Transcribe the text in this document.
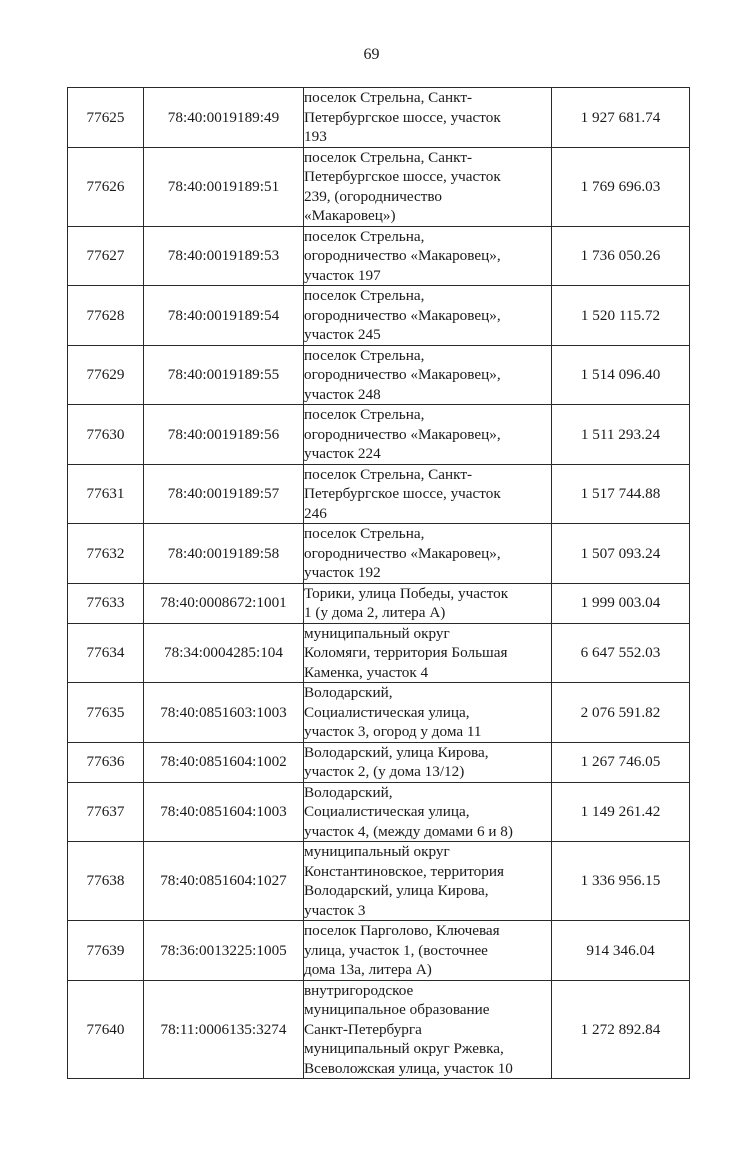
69
77625	78:40:0019189:49	поселок Стрельна, Санкт-
Петербургское шоссе, участок
193	1 927 681.74
77626	78:40:0019189:51	поселок Стрельна, Санкт-
Петербургское шоссе, участок
239, (огородничество
«Макаровец»)	1 769 696.03
77627	78:40:0019189:53	поселок Стрельна,
огородничество «Макаровец»,
участок 197	1 736 050.26
77628	78:40:0019189:54	поселок Стрельна,
огородничество «Макаровец»,
участок 245	1 520 115.72
77629	78:40:0019189:55	поселок Стрельна,
огородничество «Макаровец»,
участок 248	1 514 096.40
77630	78:40:0019189:56	поселок Стрельна,
огородничество «Макаровец»,
участок 224	1 511 293.24
77631	78:40:0019189:57	поселок Стрельна, Санкт-
Петербургское шоссе, участок
246	1 517 744.88
77632	78:40:0019189:58	поселок Стрельна,
огородничество «Макаровец»,
участок 192	1 507 093.24
77633	78:40:0008672:1001	Торики, улица Победы, участок
1 (у дома 2, литера А)	1 999 003.04
77634	78:34:0004285:104	муниципальный округ
Коломяги, территория Большая
Каменка, участок 4	6 647 552.03
77635	78:40:0851603:1003	Володарский,
Социалистическая улица,
участок 3, огород у дома 11	2 076 591.82
77636	78:40:0851604:1002	Володарский, улица Кирова,
участок 2, (у дома 13/12)	1 267 746.05
77637	78:40:0851604:1003	Володарский,
Социалистическая улица,
участок 4, (между домами 6 и 8)	1 149 261.42
77638	78:40:0851604:1027	муниципальный округ
Константиновское, территория
Володарский, улица Кирова,
участок 3	1 336 956.15
77639	78:36:0013225:1005	поселок Парголово, Ключевая
улица, участок 1, (восточнее
дома 13а, литера А)	914 346.04
77640	78:11:0006135:3274	внутригородское
муниципальное образование
Санкт-Петербурга
муниципальный округ Ржевка,
Всеволожская улица, участок 10	1 272 892.84
